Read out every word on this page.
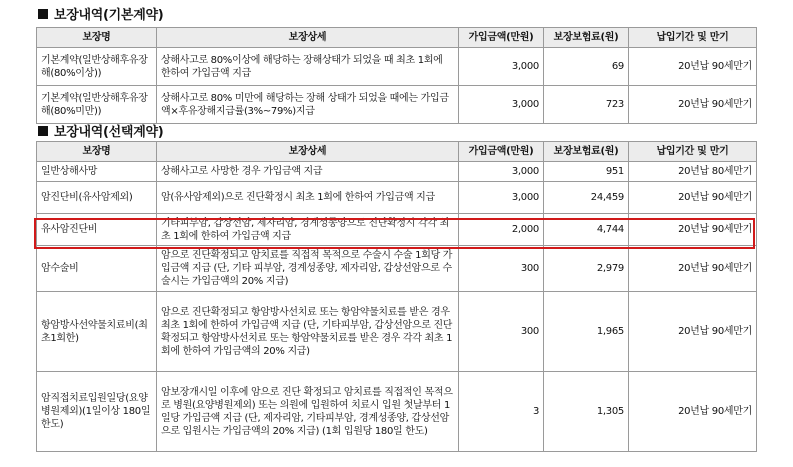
보장내역(기본계약)
보장명	보장상세	가입금액(만원)	보장보험료(원)	납입기간 및 만기
기본계약(일반상해후유장해(80%이상))	상해사고로 80%이상에 해당하는 장해상태가 되었을 때 최초 1회에 한하여 가입금액 지급	3,000	69	20년납 90세만기
기본계약(일반상해후유장해(80%미만))	상해사고로 80% 미만에 해당하는 장해 상태가 되었을 때에는 가입금액×후유장해지급률(3%~79%)지급	3,000	723	20년납 90세만기
보장내역(선택계약)
보장명	보장상세	가입금액(만원)	보장보험료(원)	납입기간 및 만기
일반상해사망	상해사고로 사망한 경우 가입금액 지급	3,000	951	20년납 80세만기
암진단비(유사암제외)	암(유사암제외)으로 진단확정시 최초 1회에 한하여 가입금액 지급	3,000	24,459	20년납 90세만기
유사암진단비	기타피부암, 갑상선암, 제자리암, 경계성종양으로 진단확정시 각각 최초 1회에 한하여 가입금액 지급	2,000	4,744	20년납 90세만기
암수술비	암으로 진단확정되고 암치료를 직접적 목적으로 수술시 수술 1회당 가입금액 지급 (단, 기타 피부암, 경계성종양, 제자리암, 갑상선암으로 수술시는 가입금액의 20% 지급)	300	2,979	20년납 90세만기
항암방사선약물치료비(최초1회한)	암으로 진단확정되고 항암방사선치료 또는 항암약물치료를 받은 경우 최초 1회에 한하여 가입금액 지급 (단, 기타피부암, 갑상선암으로 진단확정되고 항암방사선치료 또는 항암약물치료를 받은 경우 각각 최초 1회에 한하여 가입금액의 20% 지급)	300	1,965	20년납 90세만기
암직접치료입원일당(요양병원제외)(1일이상 180일한도)	암보장개시일 이후에 암으로 진단 확정되고 암치료를 직접적인 목적으로 병원(요양병원제외) 또는 의원에 입원하여 치료시 입원 첫날부터 1일당 가입금액 지급 (단, 제자리암, 기타피부암, 경계성종양, 갑상선암으로 입원시는 가입금액의 20% 지급) (1회 입원당 180일 한도)	3	1,305	20년납 90세만기
